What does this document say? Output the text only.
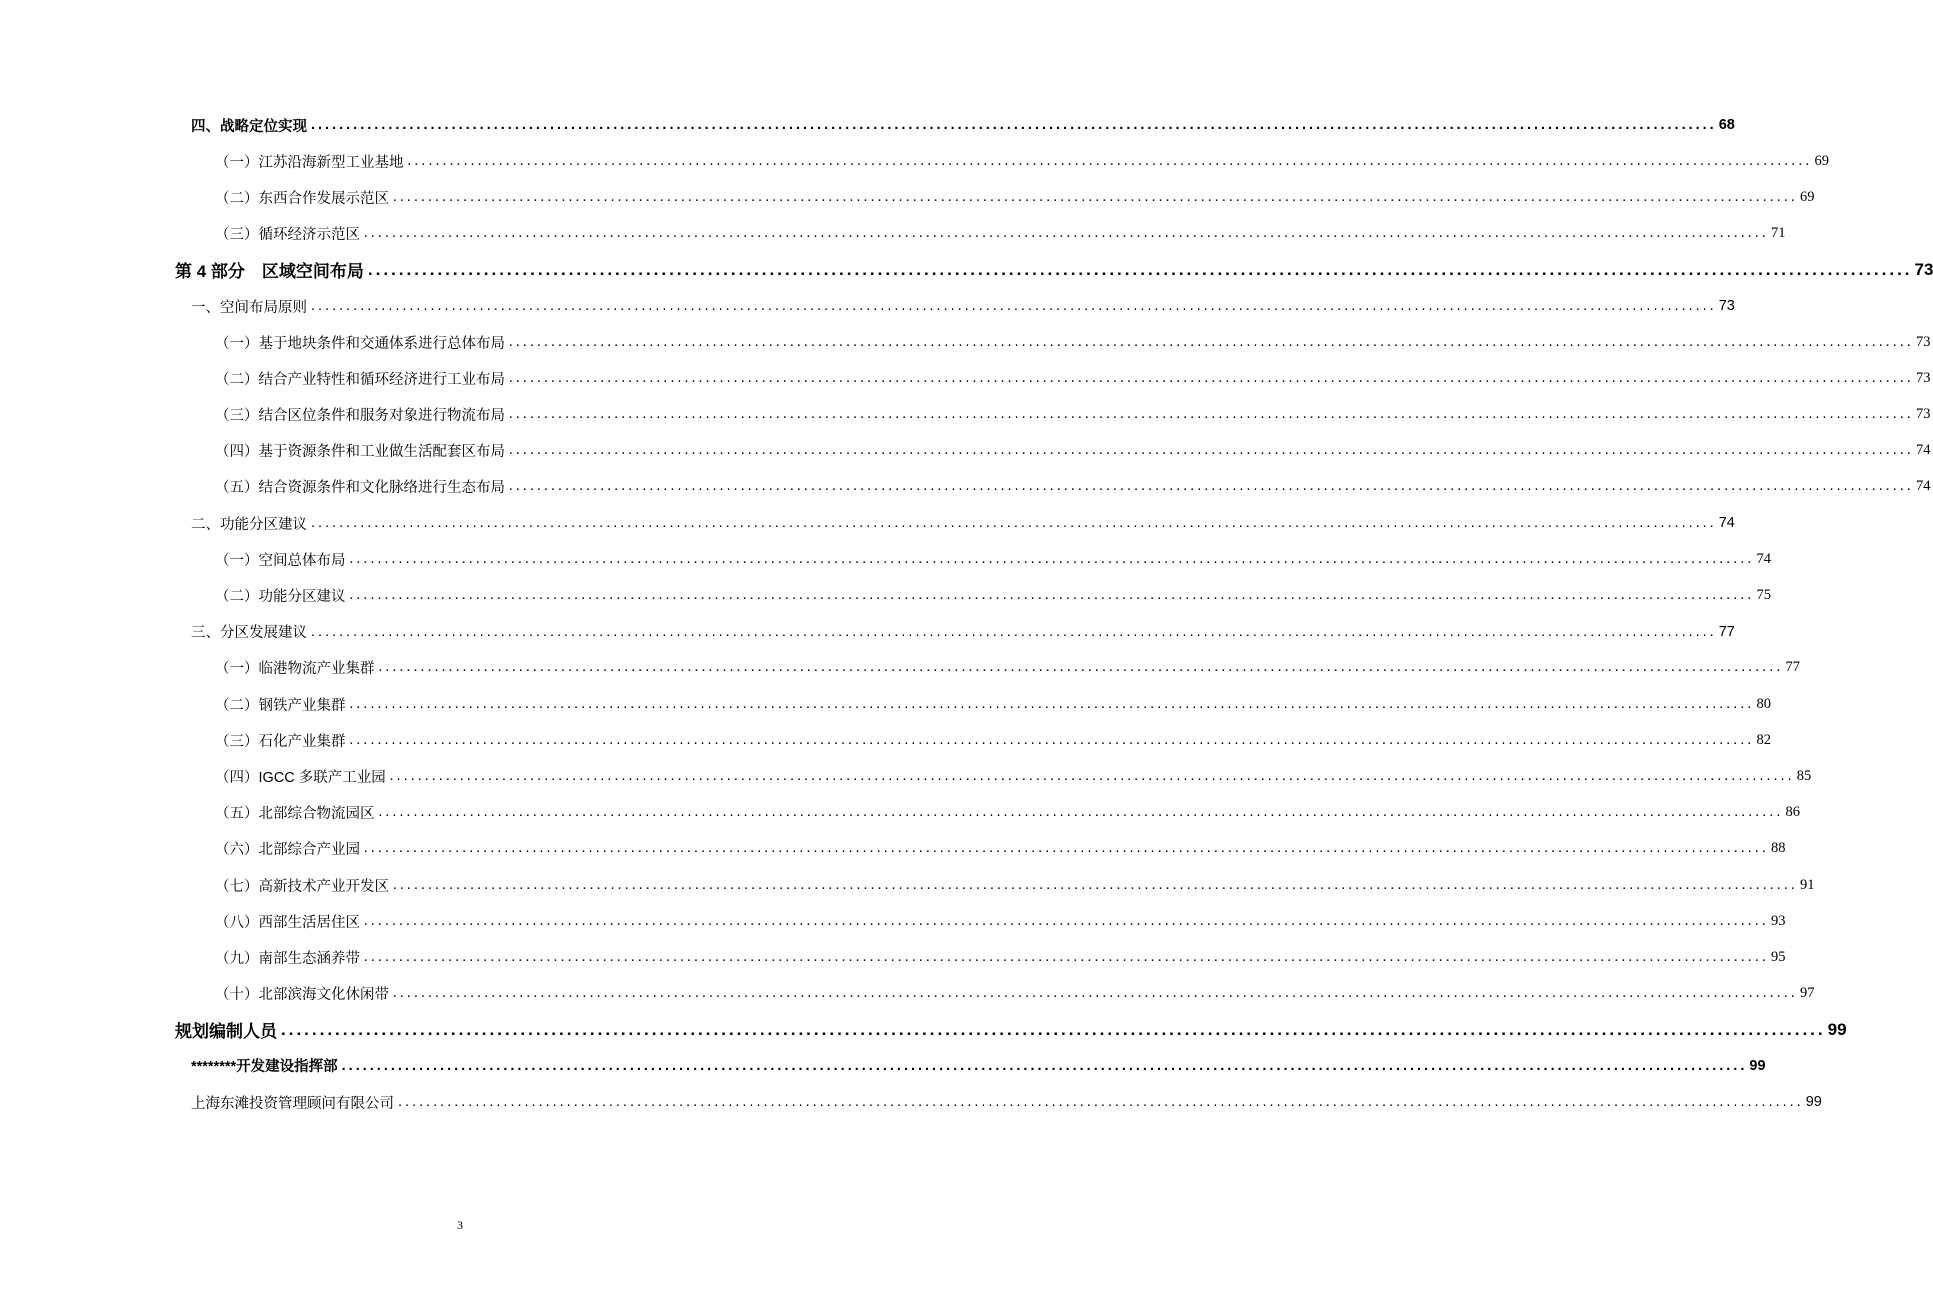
四、战略定位实现 ........................................................................................................................................................................................................ 68
（一）江苏沿海新型工业基地 ........................................................................................................................................................................................................ 69
（二）东西合作发展示范区 ........................................................................................................................................................................................................ 69
（三）循环经济示范区 ........................................................................................................................................................................................................ 71
第 4 部分　区域空间布局 ........................................................................................................................................................................................................ 73
一、空间布局原则 ........................................................................................................................................................................................................ 73
（一）基于地块条件和交通体系进行总体布局 ........................................................................................................................................................................................................ 73
（二）结合产业特性和循环经济进行工业布局 ........................................................................................................................................................................................................ 73
（三）结合区位条件和服务对象进行物流布局 ........................................................................................................................................................................................................ 73
（四）基于资源条件和工业做生活配套区布局 ........................................................................................................................................................................................................ 74
（五）结合资源条件和文化脉络进行生态布局 ........................................................................................................................................................................................................ 74
二、功能分区建议 ........................................................................................................................................................................................................ 74
（一）空间总体布局 ........................................................................................................................................................................................................ 74
（二）功能分区建议 ........................................................................................................................................................................................................ 75
三、分区发展建议 ........................................................................................................................................................................................................ 77
（一）临港物流产业集群 ........................................................................................................................................................................................................ 77
（二）钢铁产业集群 ........................................................................................................................................................................................................ 80
（三）石化产业集群 ........................................................................................................................................................................................................ 82
（四）IGCC 多联产工业园 ........................................................................................................................................................................................................ 85
（五）北部综合物流园区 ........................................................................................................................................................................................................ 86
（六）北部综合产业园 ........................................................................................................................................................................................................ 88
（七）高新技术产业开发区 ........................................................................................................................................................................................................ 91
（八）西部生活居住区 ........................................................................................................................................................................................................ 93
（九）南部生态涵养带 ........................................................................................................................................................................................................ 95
（十）北部滨海文化休闲带 ........................................................................................................................................................................................................ 97
规划编制人员 ........................................................................................................................................................................................................ 99
********开发建设指挥部 ........................................................................................................................................................................................................ 99
上海东滩投资管理顾问有限公司 ........................................................................................................................................................................................................ 99
3
